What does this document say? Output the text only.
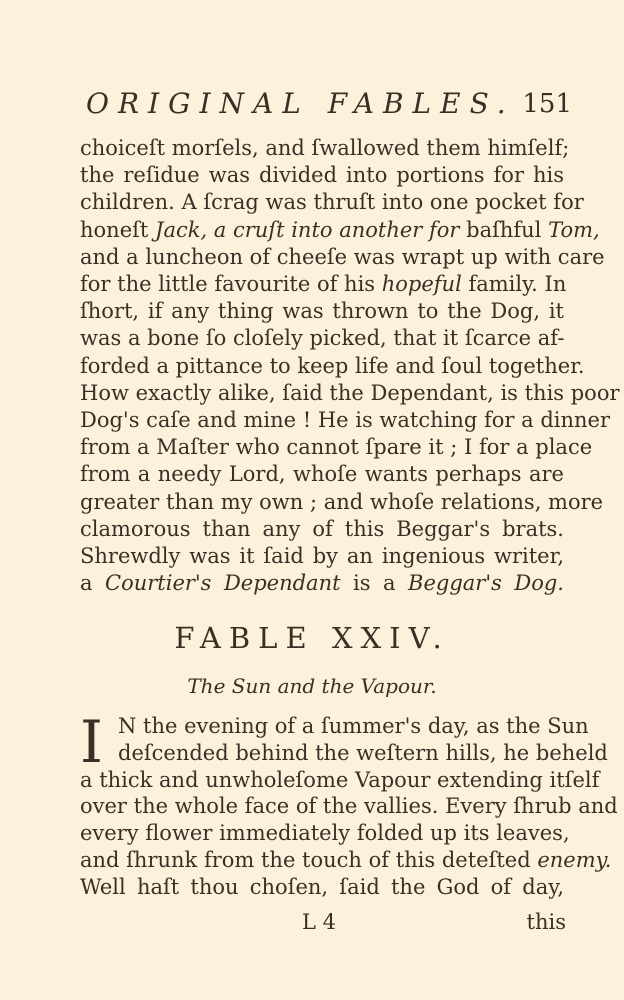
ORIGINAL FABLES. 151
choiceſt morſels, and ſwallowed them himſelf;
the reſidue was divided into portions for his
children. A ſcrag was thruſt into one pocket for
honeſt Jack, a cruſt into another for baſhful Tom,
and a luncheon of cheeſe was wrapt up with care
for the little favourite of his hopeful family. In
ſhort, if any thing was thrown to the Dog, it
was a bone ſo cloſely picked, that it ſcarce af-
forded a pittance to keep life and ſoul together.
How exactly alike, ſaid the Dependant, is this poor
Dog's caſe and mine ! He is watching for a dinner
from a Maſter who cannot ſpare it ; I for a place
from a needy Lord, whoſe wants perhaps are
greater than my own ; and whoſe relations, more
clamorous than any of this Beggar's brats.
Shrewdly was it ſaid by an ingenious writer,
a Courtier's Dependant is a Beggar's Dog.
FABLE XXIV.
The Sun and the Vapour.
I N the evening of a ſummer's day, as the Sun
deſcended behind the weſtern hills, he beheld
a thick and unwholeſome Vapour extending itſelf
over the whole face of the vallies. Every ſhrub and
every flower immediately folded up its leaves,
and ſhrunk from the touch of this deteſted enemy.
Well haſt thou choſen, ſaid the God of day,
L 4	this
